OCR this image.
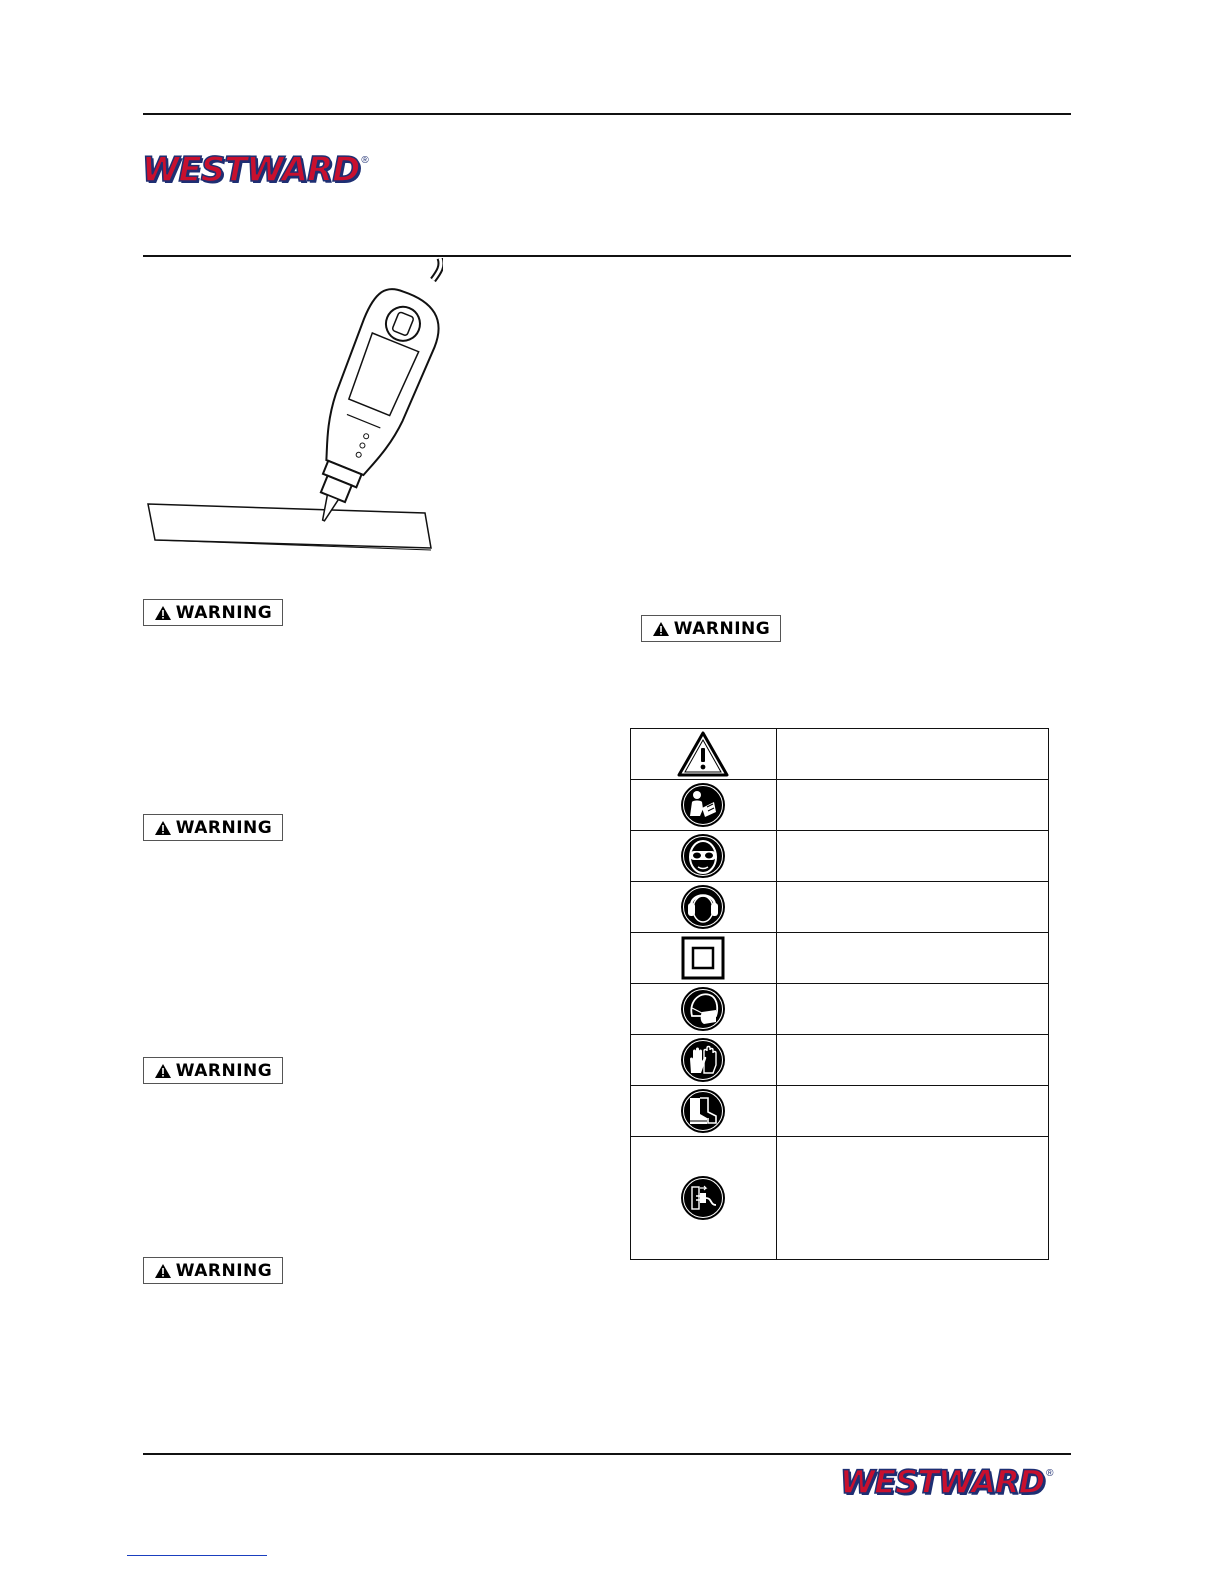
WESTWARD ®
WARNING
WARNING
WARNING
WARNING
WARNING

WESTWARD ®
